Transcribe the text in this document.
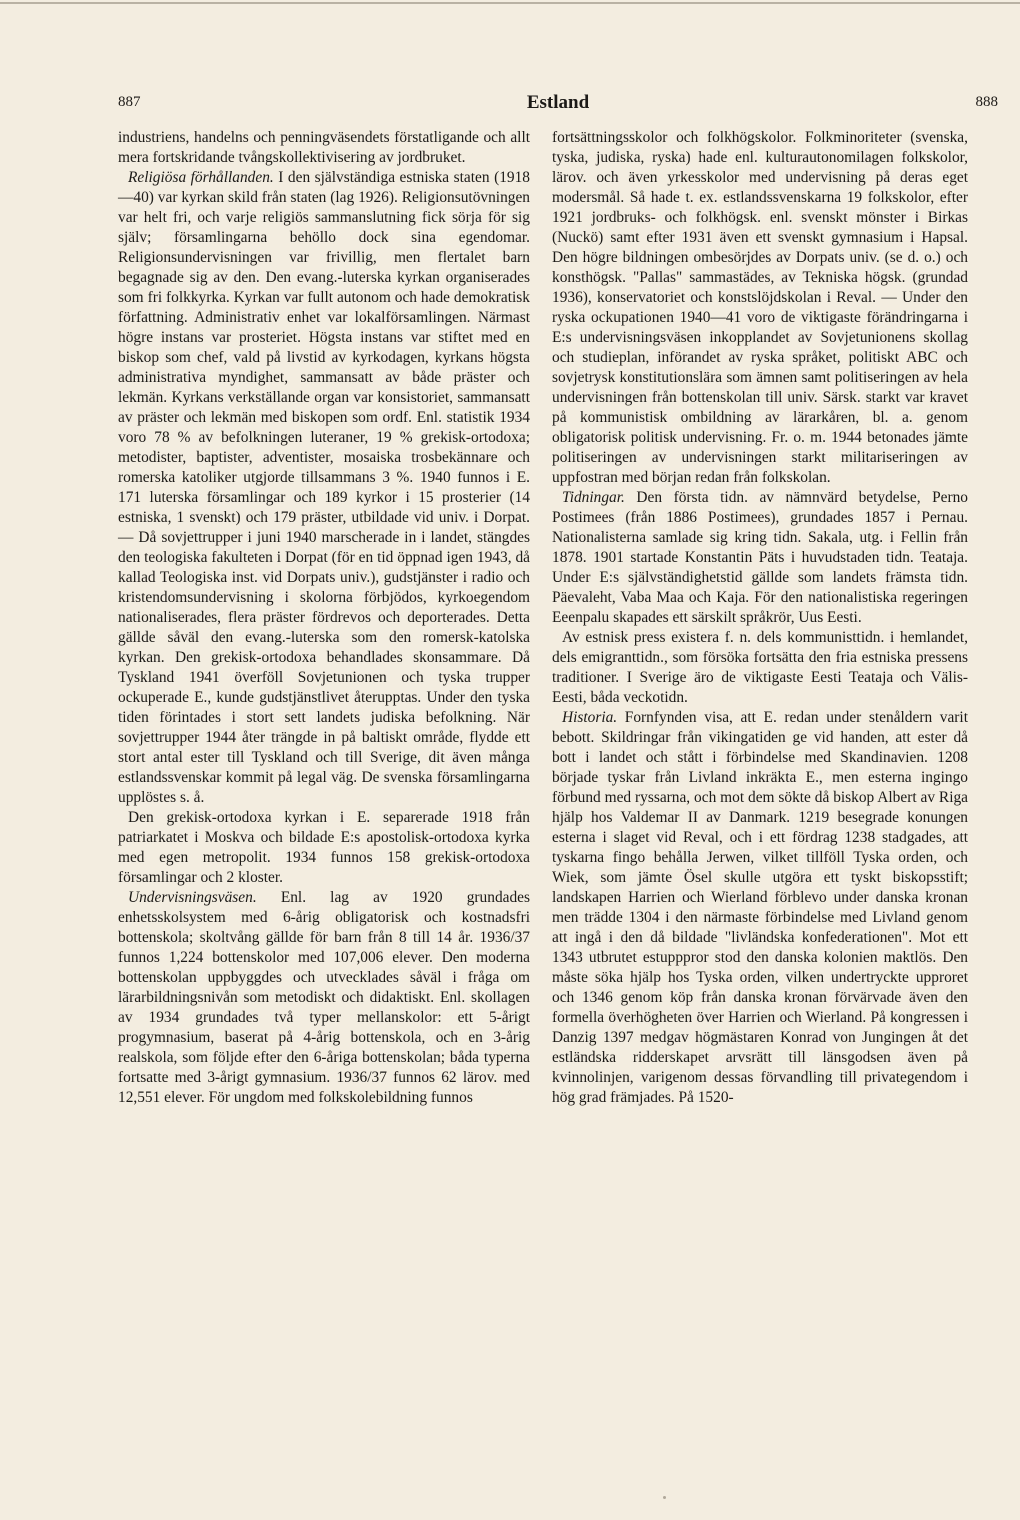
887	Estland	888

industriens, handelns och penningväsendets förstatligande och allt mera fortskridande tvångskollektivisering av jordbruket.

Religiösa förhållanden. I den självständiga estniska staten (1918—40) var kyrkan skild från staten (lag 1926). Religionsutövningen var helt fri, och varje religiös sammanslutning fick sörja för sig själv; församlingarna behöllo dock sina egendomar. Religionsundervisningen var frivillig, men flertalet barn begagnade sig av den. Den evang.-luterska kyrkan organiserades som fri folkkyrka. Kyrkan var fullt autonom och hade demokratisk författning. Administrativ enhet var lokalförsamlingen. Närmast högre instans var prosteriet. Högsta instans var stiftet med en biskop som chef, vald på livstid av kyrkodagen, kyrkans högsta administrativa myndighet, sammansatt av både präster och lekmän. Kyrkans verkställande organ var konsistoriet, sammansatt av präster och lekmän med biskopen som ordf. Enl. statistik 1934 voro 78 % av befolkningen luteraner, 19 % grekisk-ortodoxa; metodister, baptister, adventister, mosaiska trosbekännare och romerska katoliker utgjorde tillsammans 3 %. 1940 funnos i E. 171 luterska församlingar och 189 kyrkor i 15 prosterier (14 estniska, 1 svenskt) och 179 präster, utbildade vid univ. i Dorpat. — Då sovjettrupper i juni 1940 marscherade in i landet, stängdes den teologiska fakulteten i Dorpat (för en tid öppnad igen 1943, då kallad Teologiska inst. vid Dorpats univ.), gudstjänster i radio och kristendomsundervisning i skolorna förbjödos, kyrkoegendom nationaliserades, flera präster fördrevos och deporterades. Detta gällde såväl den evang.-luterska som den romersk-katolska kyrkan. Den grekisk-ortodoxa behandlades skonsammare. Då Tyskland 1941 överföll Sovjetunionen och tyska trupper ockuperade E., kunde gudstjänstlivet återupptas. Under den tyska tiden förintades i stort sett landets judiska befolkning. När sovjettrupper 1944 åter trängde in på baltiskt område, flydde ett stort antal ester till Tyskland och till Sverige, dit även många estlandssvenskar kommit på legal väg. De svenska församlingarna upplöstes s. å.

Den grekisk-ortodoxa kyrkan i E. separerade 1918 från patriarkatet i Moskva och bildade E:s apostolisk-ortodoxa kyrka med egen metropolit. 1934 funnos 158 grekisk-ortodoxa församlingar och 2 kloster.

Undervisningsväsen. Enl. lag av 1920 grundades enhetsskolsystem med 6-årig obligatorisk och kostnadsfri bottenskola; skoltvång gällde för barn från 8 till 14 år. 1936/37 funnos 1,224 bottenskolor med 107,006 elever. Den moderna bottenskolan uppbyggdes och utvecklades såväl i fråga om lärarbildningsnivån som metodiskt och didaktiskt. Enl. skollagen av 1934 grundades två typer mellanskolor: ett 5-årigt progymnasium, baserat på 4-årig bottenskola, och en 3-årig realskola, som följde efter den 6-åriga bottenskolan; båda typerna fortsatte med 3-årigt gymnasium. 1936/37 funnos 62 lärov. med 12,551 elever. För ungdom med folkskolebildning funnos

fortsättningsskolor och folkhögskolor. Folkminoriteter (svenska, tyska, judiska, ryska) hade enl. kulturautonomilagen folkskolor, lärov. och även yrkesskolor med undervisning på deras eget modersmål. Så hade t. ex. estlandssvenskarna 19 folkskolor, efter 1921 jordbruks- och folkhögsk. enl. svenskt mönster i Birkas (Nuckö) samt efter 1931 även ett svenskt gymnasium i Hapsal. Den högre bildningen ombesörjdes av Dorpats univ. (se d. o.) och konsthögsk. "Pallas" sammastädes, av Tekniska högsk. (grundad 1936), konservatoriet och konstslöjdskolan i Reval. — Under den ryska ockupationen 1940—41 voro de viktigaste förändringarna i E:s undervisningsväsen inkopplandet av Sovjetunionens skollag och studieplan, införandet av ryska språket, politiskt ABC och sovjetrysk konstitutionslära som ämnen samt politiseringen av hela undervisningen från bottenskolan till univ. Särsk. starkt var kravet på kommunistisk ombildning av lärarkåren, bl. a. genom obligatorisk politisk undervisning. Fr. o. m. 1944 betonades jämte politiseringen av undervisningen starkt militariseringen av uppfostran med början redan från folkskolan.

Tidningar. Den första tidn. av nämnvärd betydelse, Perno Postimees (från 1886 Postimees), grundades 1857 i Pernau. Nationalisterna samlade sig kring tidn. Sakala, utg. i Fellin från 1878. 1901 startade Konstantin Päts i huvudstaden tidn. Teataja. Under E:s självständighetstid gällde som landets främsta tidn. Päevaleht, Vaba Maa och Kaja. För den nationalistiska regeringen Eeenpalu skapades ett särskilt språkrör, Uus Eesti.

Av estnisk press existera f. n. dels kommunisttidn. i hemlandet, dels emigranttidn., som försöka fortsätta den fria estniska pressens traditioner. I Sverige äro de viktigaste Eesti Teataja och Välis-Eesti, båda veckotidn.

Historia. Fornfynden visa, att E. redan under stenåldern varit bebott. Skildringar från vikingatiden ge vid handen, att ester då bott i landet och stått i förbindelse med Skandinavien. 1208 började tyskar från Livland inkräkta E., men esterna ingingo förbund med ryssarna, och mot dem sökte då biskop Albert av Riga hjälp hos Valdemar II av Danmark. 1219 besegrade konungen esterna i slaget vid Reval, och i ett fördrag 1238 stadgades, att tyskarna fingo behålla Jerwen, vilket tillföll Tyska orden, och Wiek, som jämte Ösel skulle utgöra ett tyskt biskopsstift; landskapen Harrien och Wierland förblevo under danska kronan men trädde 1304 i den närmaste förbindelse med Livland genom att ingå i den då bildade "livländska konfederationen". Mot ett 1343 utbrutet estupppror stod den danska kolonien maktlös. Den måste söka hjälp hos Tyska orden, vilken undertryckte upproret och 1346 genom köp från danska kronan förvärvade även den formella överhögheten över Harrien och Wierland. På kongressen i Danzig 1397 medgav högmästaren Konrad von Jungingen åt det estländska ridderskapet arvsrätt till länsgodsen även på kvinnolinjen, varigenom dessas förvandling till privategendom i hög grad främjades. På 1520-
